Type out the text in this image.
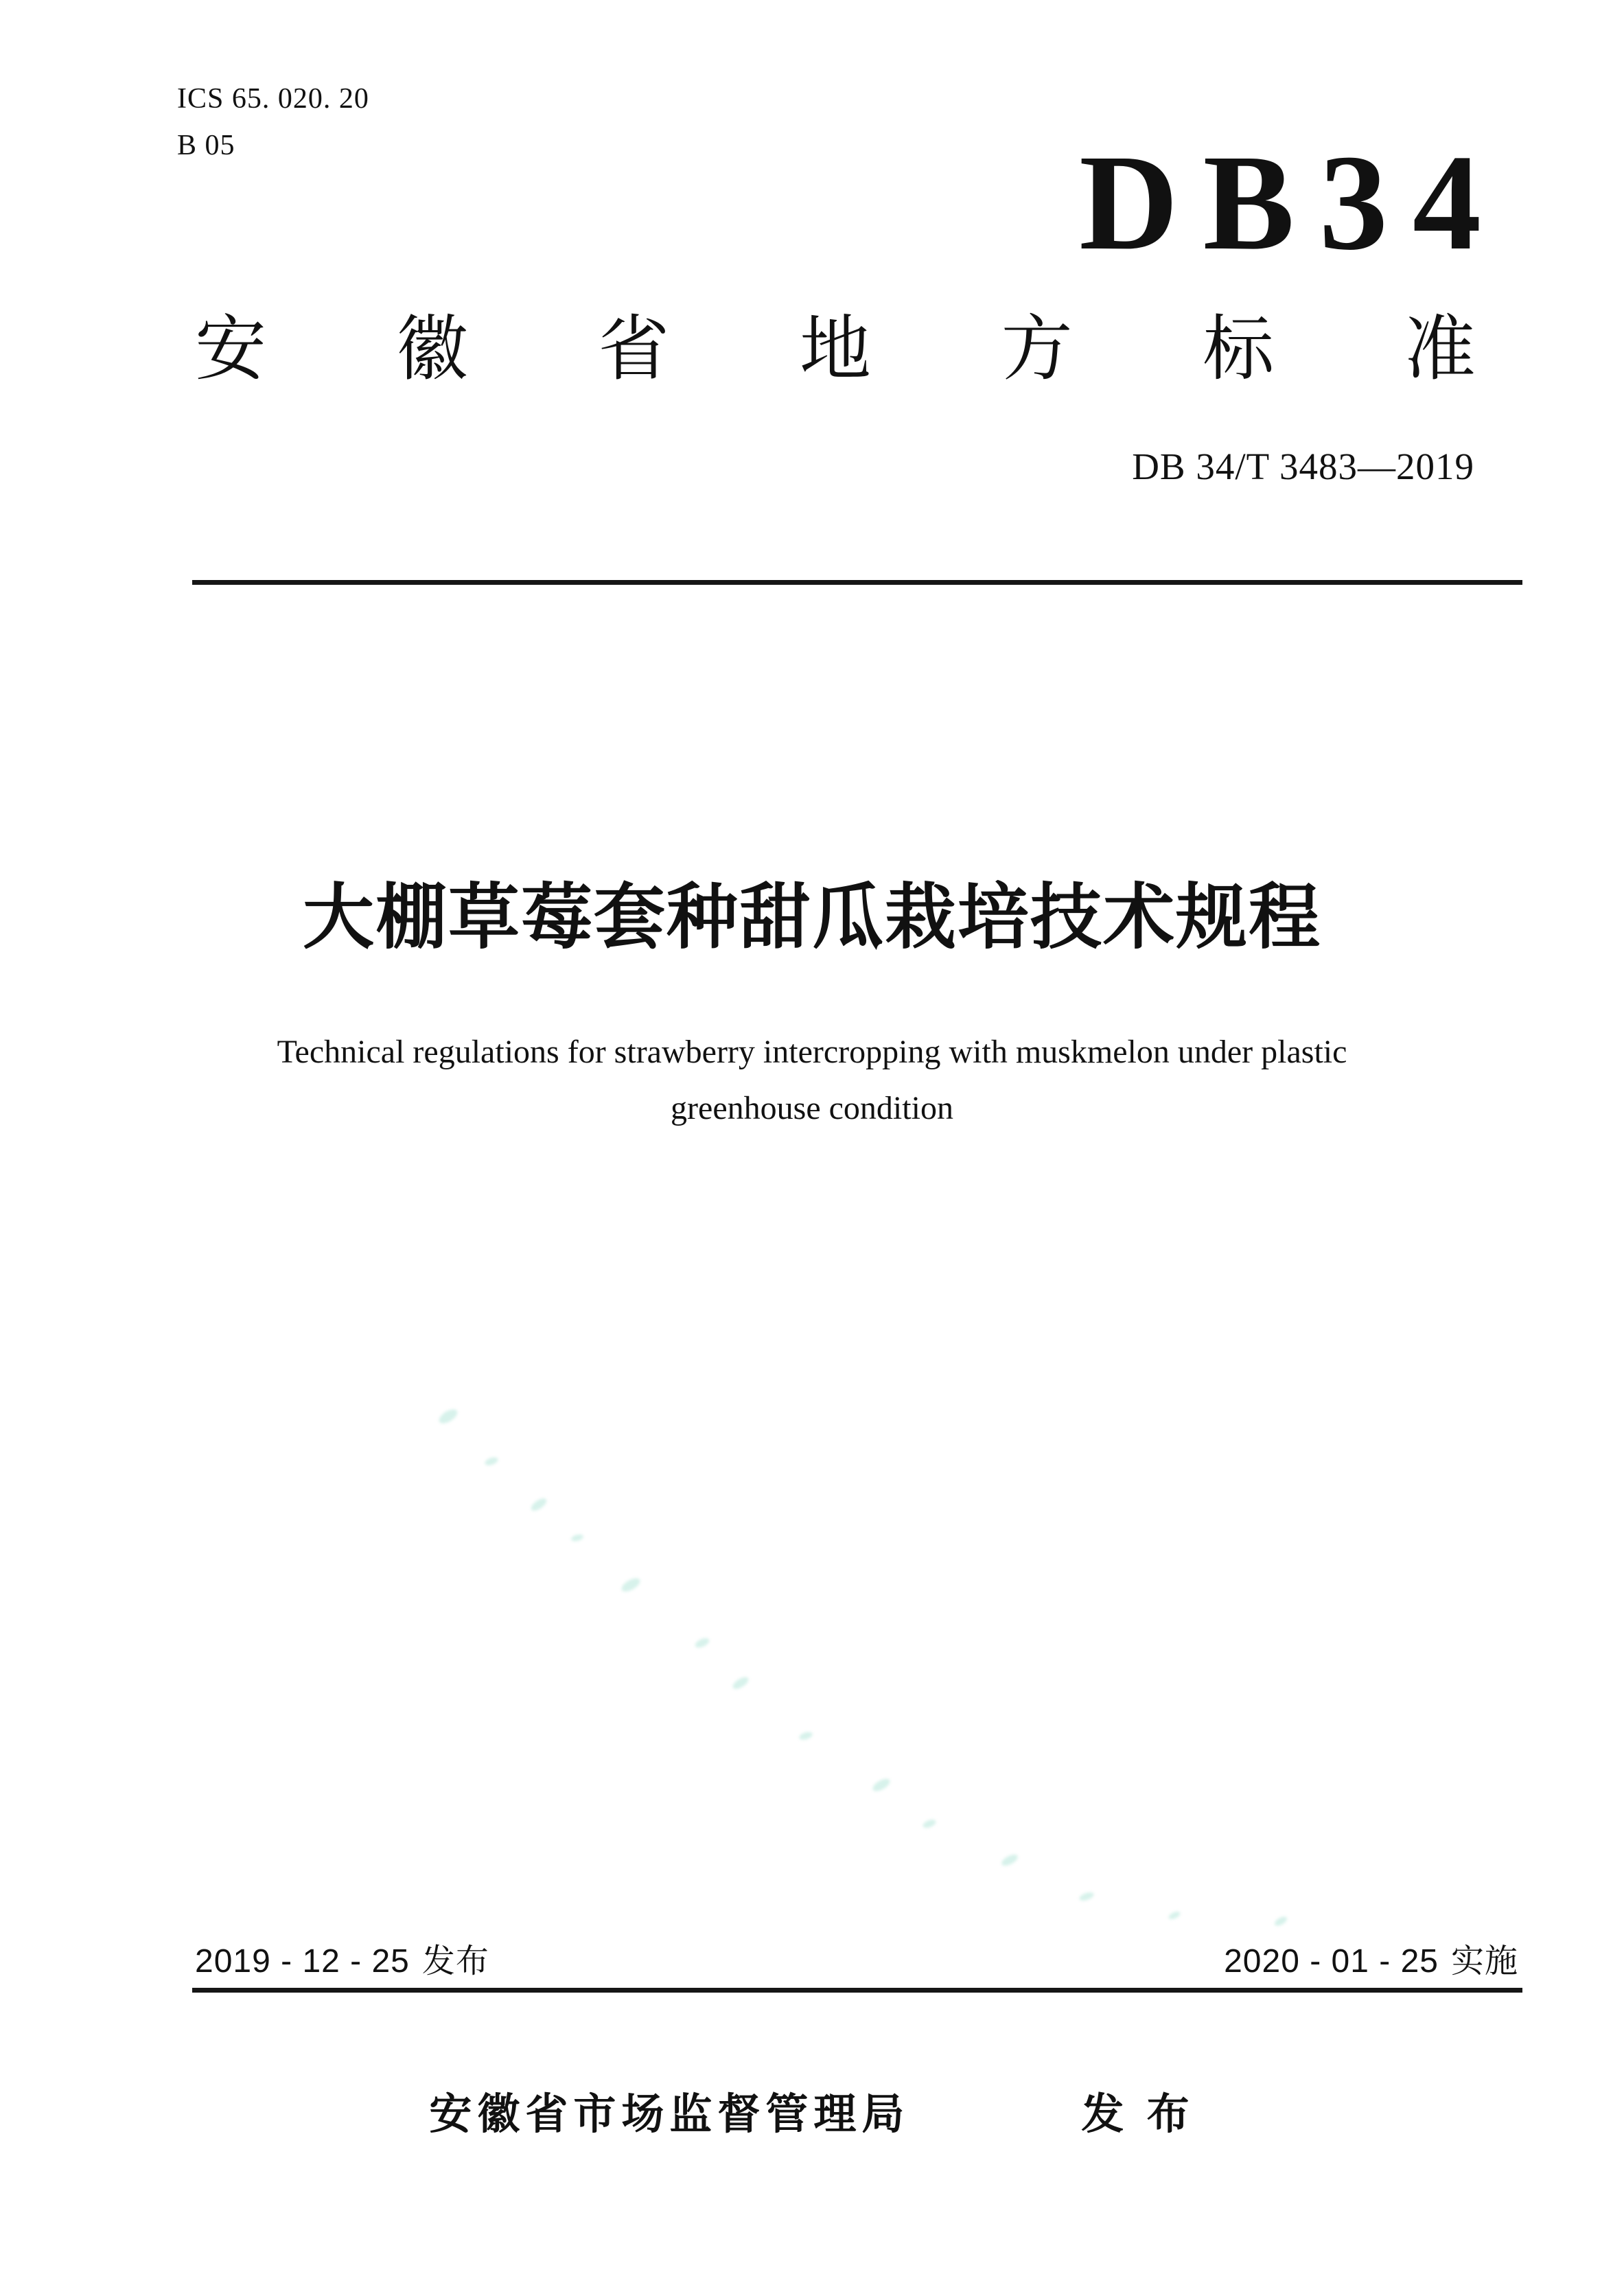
ICS 65. 020. 20
B 05	DB34
安 徽 省 地 方 标 准
DB 34/T 3483—2019
大棚草莓套种甜瓜栽培技术规程
Technical regulations for strawberry intercropping with muskmelon under plastic
greenhouse condition
2019 - 12 - 25 发布	2020 - 01 - 25 实施
安徽省市场监督管理局	发 布
